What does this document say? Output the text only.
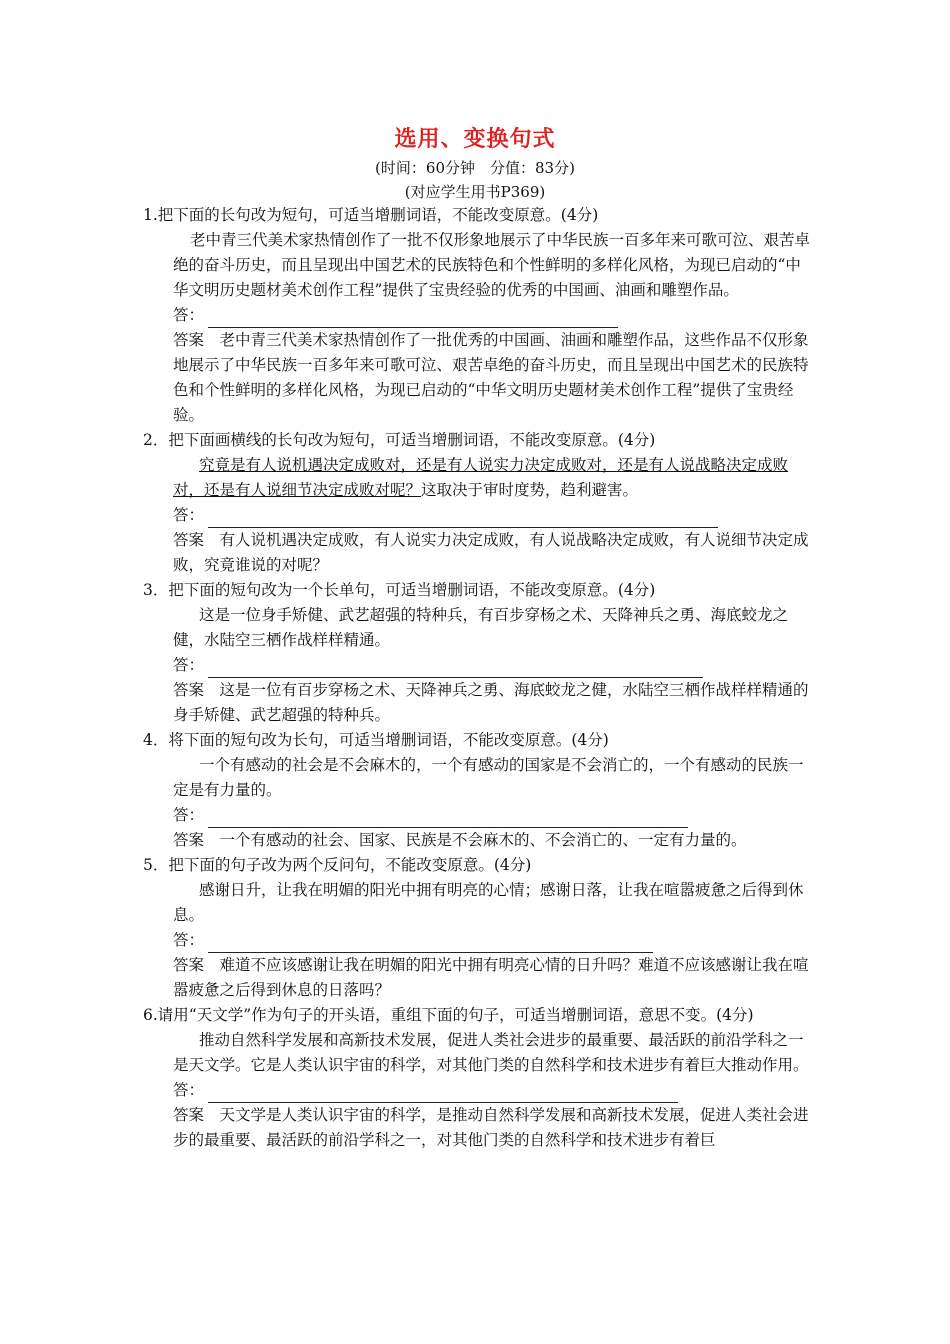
选用、变换句式
(时间：60分钟　分值：83分)
(对应学生用书P369)

1.把下面的长句改为短句，可适当增删词语，不能改变原意。(4分)

老中青三代美术家热情创作了一批不仅形象地展示了中华民族一百多年来可歌可泣、艰苦卓绝的奋斗历史，而且呈现出中国艺术的民族特色和个性鲜明的多样化风格，为现已启动的“中华文明历史题材美术创作工程”提供了宝贵经验的优秀的中国画、油画和雕塑作品。

答：

答案　老中青三代美术家热情创作了一批优秀的中国画、油画和雕塑作品，这些作品不仅形象地展示了中华民族一百多年来可歌可泣、艰苦卓绝的奋斗历史，而且呈现出中国艺术的民族特色和个性鲜明的多样化风格，为现已启动的“中华文明历史题材美术创作工程”提供了宝贵经验。

2．把下面画横线的长句改为短句，可适当增删词语，不能改变原意。(4分)

究竟是有人说机遇决定成败对，还是有人说实力决定成败对，还是有人说战略决定成败对，还是有人说细节决定成败对呢？这取决于审时度势，趋利避害。

答：

答案　有人说机遇决定成败，有人说实力决定成败，有人说战略决定成败，有人说细节决定成败，究竟谁说的对呢？

3．把下面的短句改为一个长单句，可适当增删词语，不能改变原意。(4分)

这是一位身手矫健、武艺超强的特种兵，有百步穿杨之术、天降神兵之勇、海底蛟龙之健，水陆空三栖作战样样精通。

答：

答案　这是一位有百步穿杨之术、天降神兵之勇、海底蛟龙之健，水陆空三栖作战样样精通的身手矫健、武艺超强的特种兵。

4．将下面的短句改为长句，可适当增删词语，不能改变原意。(4分)

一个有感动的社会是不会麻木的，一个有感动的国家是不会消亡的，一个有感动的民族一定是有力量的。

答：

答案　一个有感动的社会、国家、民族是不会麻木的、不会消亡的、一定有力量的。

5．把下面的句子改为两个反问句，不能改变原意。(4分)

感谢日升，让我在明媚的阳光中拥有明亮的心情；感谢日落，让我在喧嚣疲惫之后得到休息。

答：

答案　难道不应该感谢让我在明媚的阳光中拥有明亮心情的日升吗？难道不应该感谢让我在喧嚣疲惫之后得到休息的日落吗？

6.请用“天文学”作为句子的开头语，重组下面的句子，可适当增删词语，意思不变。(4分)

推动自然科学发展和高新技术发展，促进人类社会进步的最重要、最活跃的前沿学科之一是天文学。它是人类认识宇宙的科学，对其他门类的自然科学和技术进步有着巨大推动作用。

答：

答案　天文学是人类认识宇宙的科学，是推动自然科学发展和高新技术发展，促进人类社会进步的最重要、最活跃的前沿学科之一，对其他门类的自然科学和技术进步有着巨
